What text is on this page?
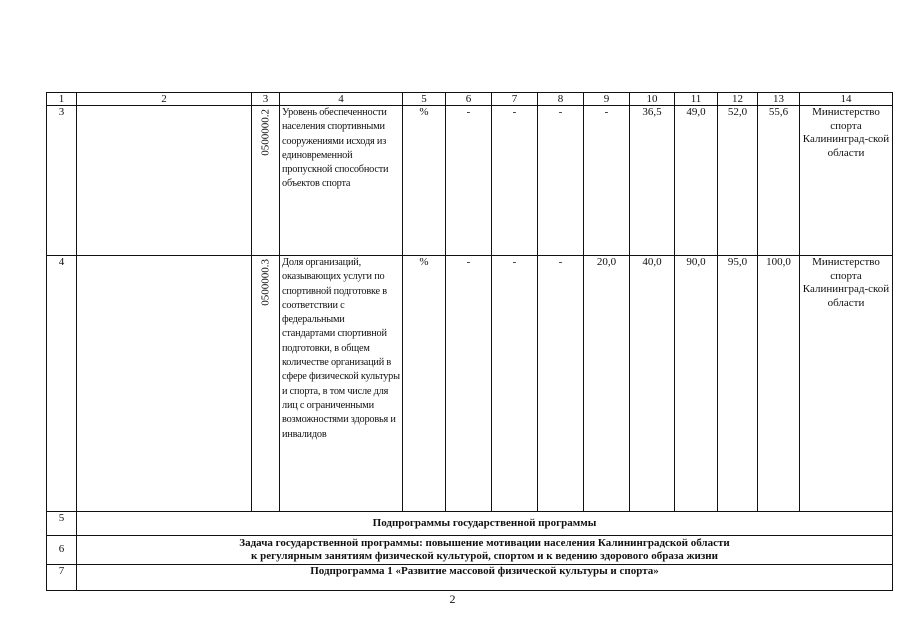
1	2	3	4	5	6	7	8	9	10	11	12	13	14
3		0500000.2	Уровень обеспеченности населения спортивными сооружениями исходя из единовременной пропускной способности объектов спорта	%	-	-	-	-	36,5	49,0	52,0	55,6	Министерство спорта Калининград-ской области
4		0500000.3	Доля организаций, оказывающих услуги по спортивной подготовке в соответствии с федеральными стандартами спортивной подготовки, в общем количестве организаций в сфере физической культуры и спорта, в том числе для лиц с ограниченными возможностями здоровья и инвалидов	%	-	-	-	20,0	40,0	90,0	95,0	100,0	Министерство спорта Калининград-ской области
5	Подпрограммы государственной программы												
6	Задача государственной программы: повышение мотивации населения Калининградской области
к регулярным занятиям физической культурой, спортом и к ведению здорового образа жизни												

7	Подпрограмма 1 «Развитие массовой физической культуры и спорта»												
2
